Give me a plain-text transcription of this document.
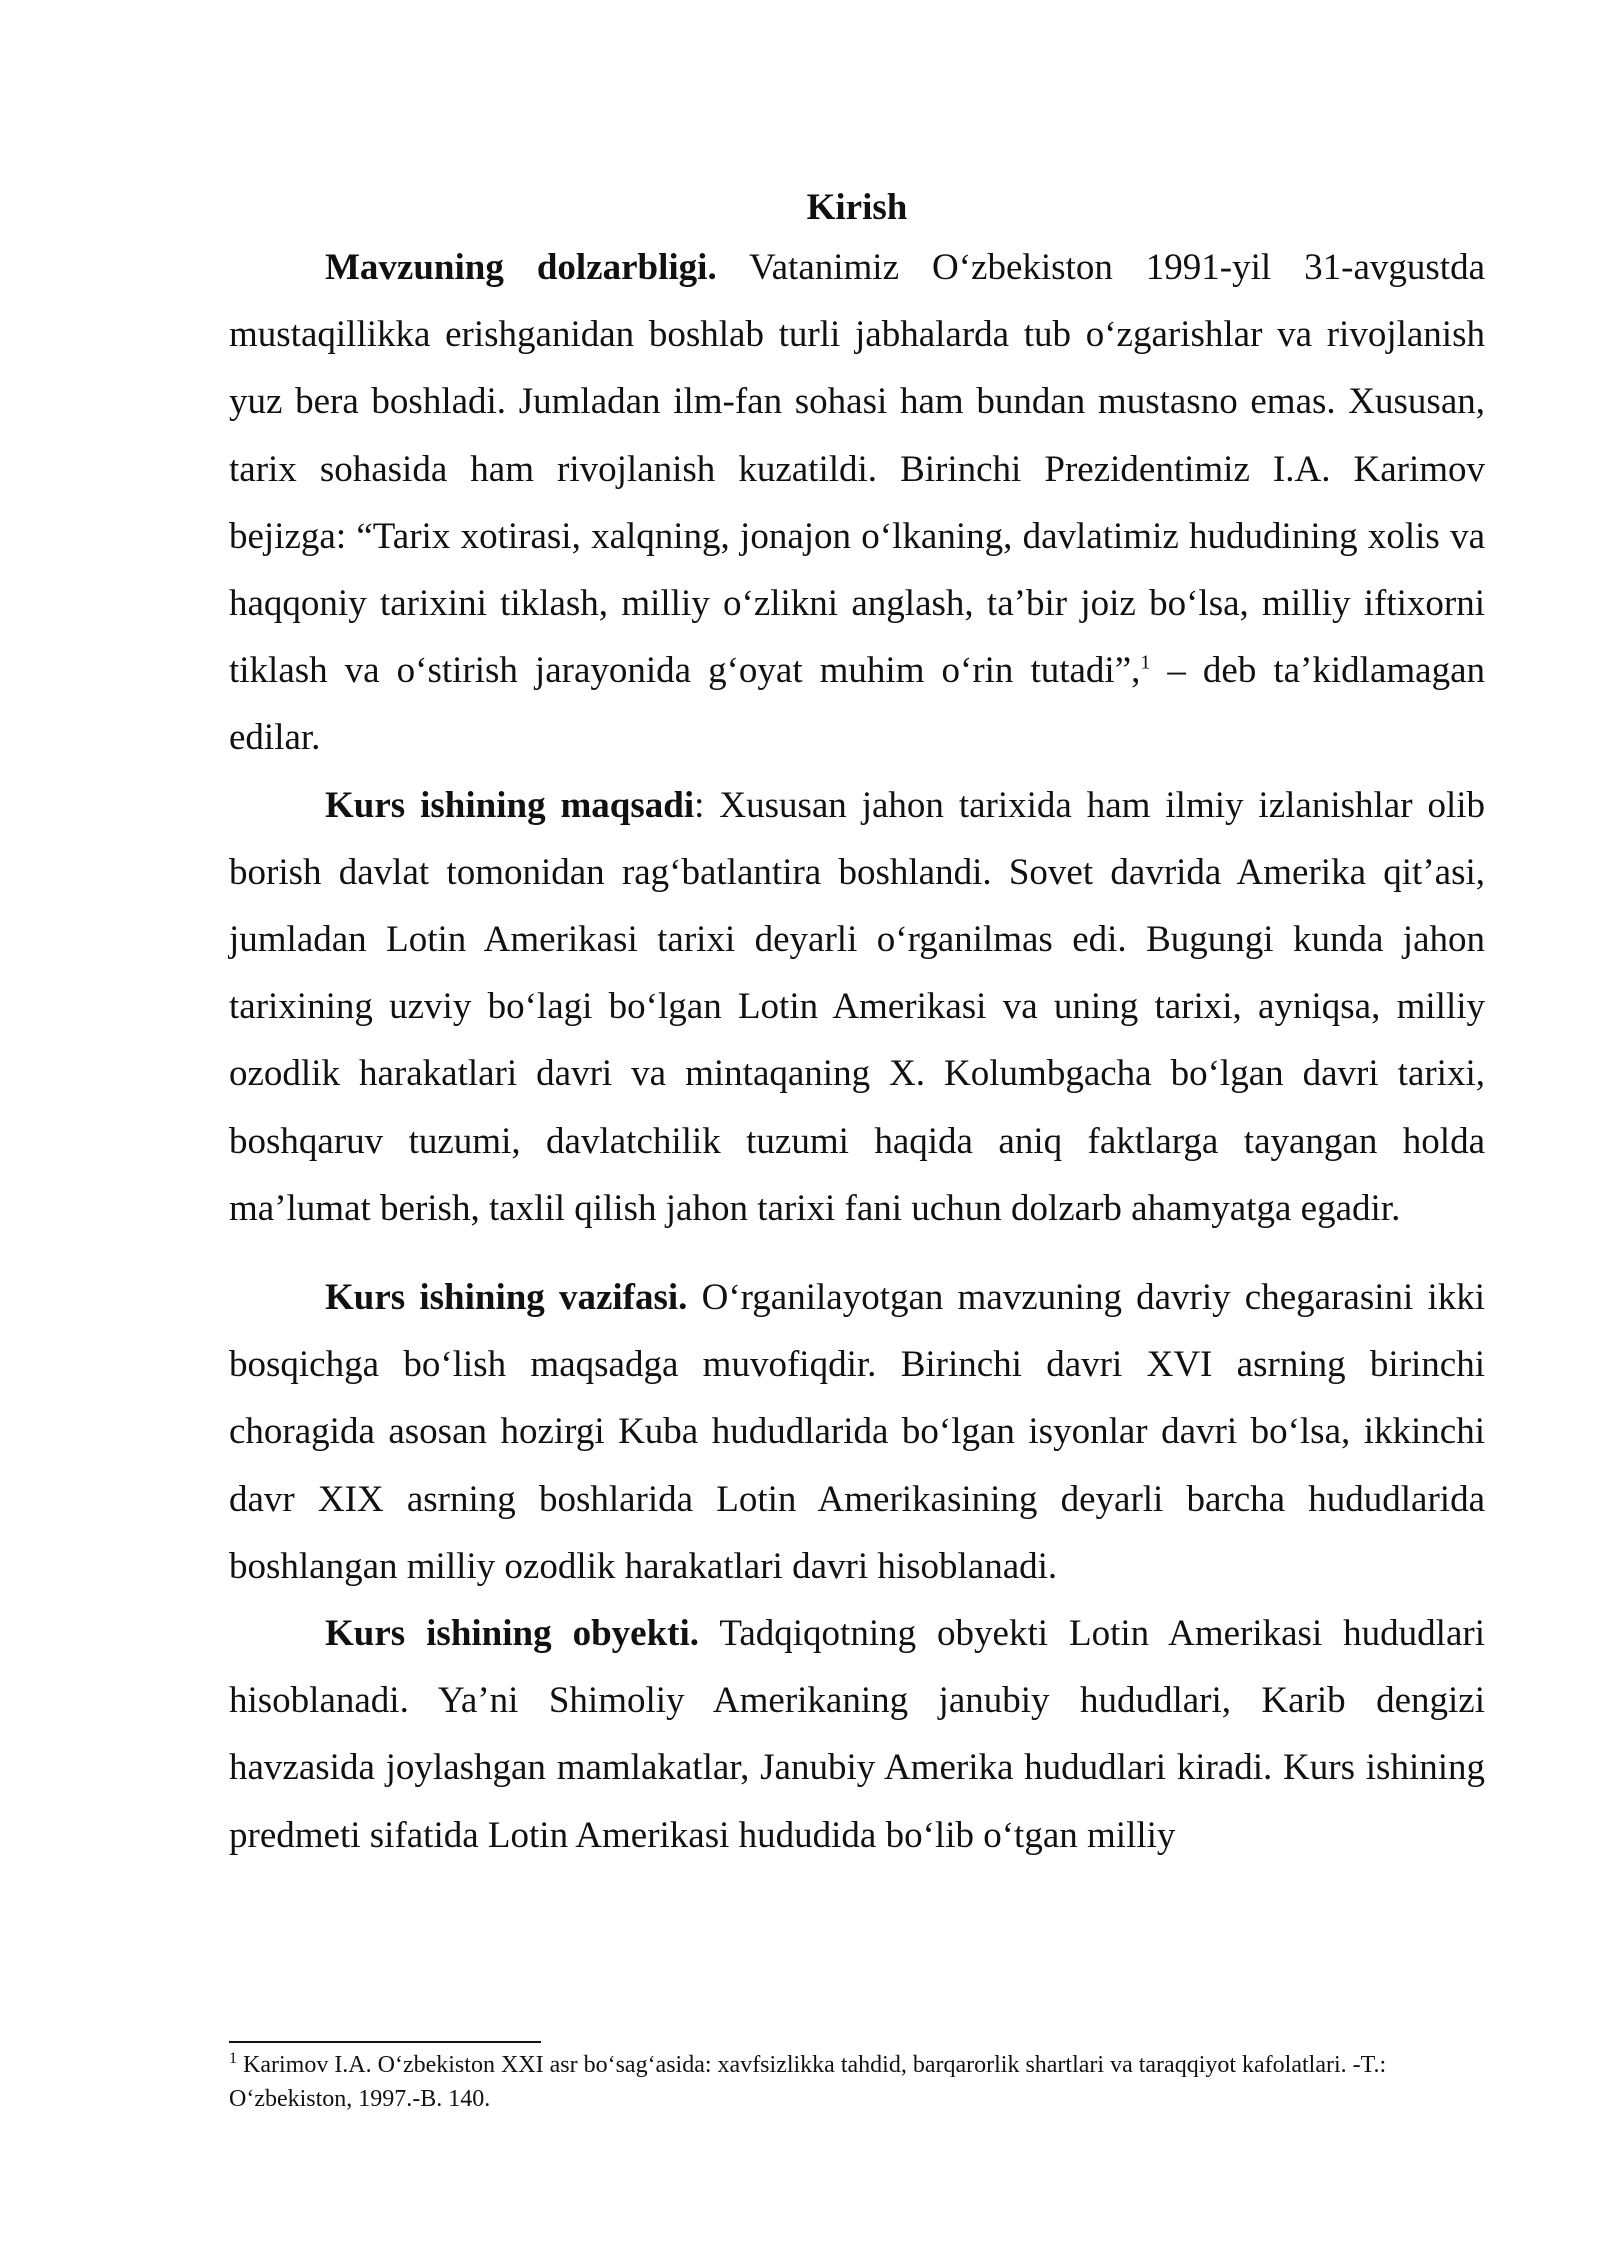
Kirish

Mavzuning dolzarbligi. Vatanimiz O‘zbekiston 1991-yil 31-avgustda mustaqillikka erishganidan boshlab turli jabhalarda tub o‘zgarishlar va rivojlanish yuz bera boshladi. Jumladan ilm-fan sohasi ham bundan mustasno emas. Xususan, tarix sohasida ham rivojlanish kuzatildi. Birinchi Prezidentimiz I.A. Karimov bejizga: “Tarix xotirasi, xalqning, jonajon o‘lkaning, davlatimiz hududining xolis va haqqoniy tarixini tiklash, milliy o‘zlikni anglash, ta’bir joiz bo‘lsa, milliy iftixorni tiklash va o‘stirish jarayonida g‘oyat muhim o‘rin tutadi”,$^1$ – deb ta’kidlamagan edilar.

Kurs ishining maqsadi: Xususan jahon tarixida ham ilmiy izlanishlar olib borish davlat tomonidan rag‘batlantira boshlandi. Sovet davrida Amerika qit’asi, jumladan Lotin Amerikasi tarixi deyarli o‘rganilmas edi. Bugungi kunda jahon tarixining uzviy bo‘lagi bo‘lgan Lotin Amerikasi va uning tarixi, ayniqsa, milliy ozodlik harakatlari davri va mintaqaning X. Kolumbgacha bo‘lgan davri tarixi, boshqaruv tuzumi, davlatchilik tuzumi haqida aniq faktlarga tayangan holda ma’lumat berish, taxlil qilish jahon tarixi fani uchun dolzarb ahamyatga egadir.

Kurs ishining vazifasi. O‘rganilayotgan mavzuning davriy chegarasini ikki bosqichga bo‘lish maqsadga muvofiqdir. Birinchi davri XVI asrning birinchi choragida asosan hozirgi Kuba hududlarida bo‘lgan isyonlar davri bo‘lsa, ikkinchi davr XIX asrning boshlarida Lotin Amerikasining deyarli barcha hududlarida boshlangan milliy ozodlik harakatlari davri hisoblanadi.

Kurs ishining obyekti. Tadqiqotning obyekti Lotin Amerikasi hududlari hisoblanadi. Ya’ni Shimoliy Amerikaning janubiy hududlari, Karib dengizi havzasida joylashgan mamlakatlar, Janubiy Amerika hududlari kiradi. Kurs ishining predmeti sifatida Lotin Amerikasi hududida bo‘lib o‘tgan milliy

$^1$ Karimov I.A. O‘zbekiston XXI asr bo‘sag‘asida: xavfsizlikka tahdid, barqarorlik shartlari va taraqqiyot kafolatlari. -T.: O‘zbekiston, 1997.-B. 140.
